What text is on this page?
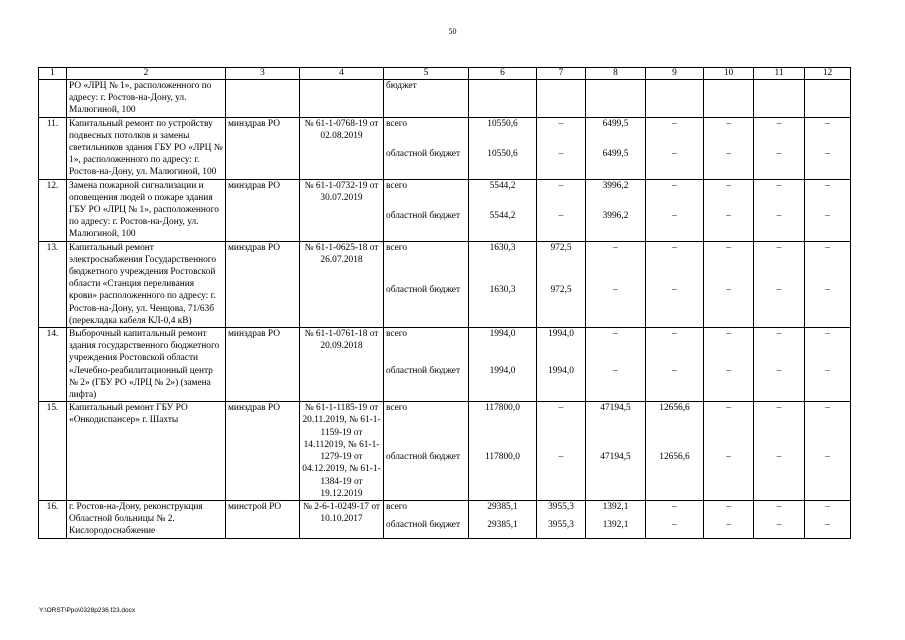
50
1	2	3	4	5	6	7	8	9	10	11	12
	РО «ЛРЦ № 1», расположенного по адресу: г. Ростов-на-Дону, ул. Малюгиной, 100			бюджет							
11.	Капитальный ремонт по устройству подвесных потолков и замены светильников здания ГБУ РО «ЛРЦ № 1», расположенного по адресу: г. Ростов-на-Дону, ул. Малюгиной, 100	минздрав РО	№ 61-1-0768-19 от 02.08.2019	всего	10550,6	–	6499,5	–	–	–	–
				областной бюджет	10550,6	–	6499,5	–	–	–	–
12.	Замена пожарной сигнализации и оповещения людей о пожаре здания ГБУ РО «ЛРЦ № 1», расположенного по адресу: г. Ростов-на-Дону, ул. Малюгиной, 100	минздрав РО	№ 61-1-0732-19 от 30.07.2019	всего	5544,2	–	3996,2	–	–	–	–
				областной бюджет	5544,2	–	3996,2	–	–	–	–
13.	Капитальный ремонт электроснабжения Государственного бюджетного учреждения Ростовской области «Станция переливания крови» расположенного по адресу: г. Ростов-на-Дону, ул. Ченцова, 71/63б (перекладка кабеля КЛ-0,4 кВ)	минздрав РО	№ 61-1-0625-18 от 26.07.2018	всего	1630,3	972,5	–	–	–	–	–
				областной бюджет	1630,3	972,5	–	–	–	–	–
14.	Выборочный капитальный ремонт здания государственного бюджетного учреждения Ростовской области «Лечебно-реабилитационный центр № 2» (ГБУ РО «ЛРЦ № 2») (замена лифта)	минздрав РО	№ 61-1-0761-18 от 20.09.2018	всего	1994,0	1994,0	–	–	–	–	–
				областной бюджет	1994,0	1994,0	–	–	–	–	–
15.	Капитальный ремонт ГБУ РО «Онкодиспансер» г. Шахты	минздрав РО	№ 61-1-1185-19 от 20.11.2019, № 61-1-1159-19 от 14.112019, № 61-1-1279-19 от 04.12.2019, № 61-1-1384-19 от 19.12.2019	всего	117800,0	–	47194,5	12656,6	–	–	–
				областной бюджет	117800,0	–	47194,5	12656,6	–	–	–
16.	г. Ростов-на-Дону, реконструкция Областной больницы № 2. Кислородоснабжение	минстрой РО	№ 2-6-1-0249-17 от 10.10.2017	всего	29385,1	3955,3	1392,1	–	–	–	–
				областной бюджет	29385,1	3955,3	1392,1	–	–	–	–
Y:\ORST\Ppo\0328p236.f23.docx
